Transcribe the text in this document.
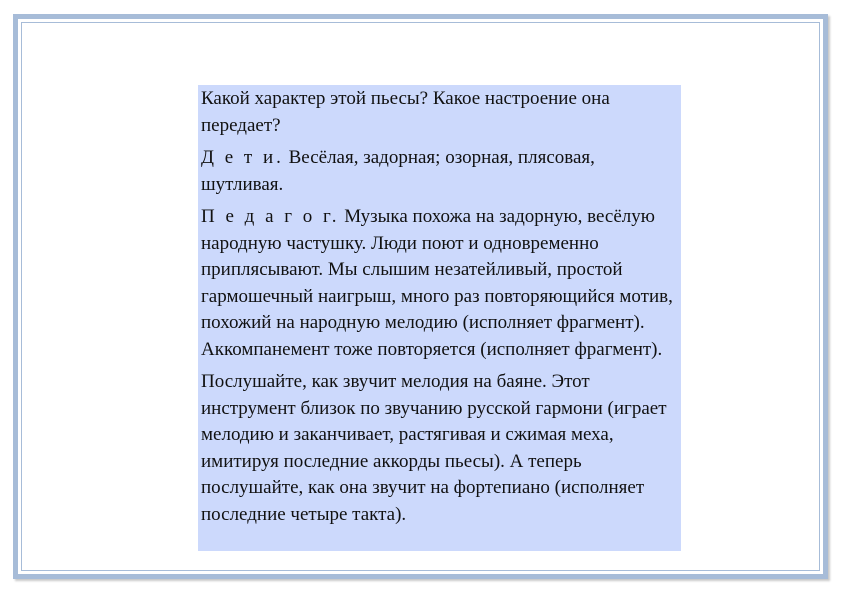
Какой характер этой пьесы? Какое настроение она передает?

Д е т и. Весёлая, задорная; озорная, плясовая, шутливая.

П е д а г о г. Музыка похожа на задорную, весёлую народную частушку. Люди поют и одновременно приплясывают. Мы слышим незатейливый, простой гармошечный наигрыш, много раз повторяющийся мотив, похожий на народную мелодию (исполняет фрагмент). Аккомпанемент тоже повторяется (исполняет фрагмент).

Послушайте, как звучит мелодия на баяне. Этот инструмент близок по звучанию русской гармони (играет мелодию и заканчивает, растягивая и сжимая меха, имитируя последние аккорды пьесы). А теперь послушайте, как она звучит на фортепиано (исполняет последние четыре такта).
